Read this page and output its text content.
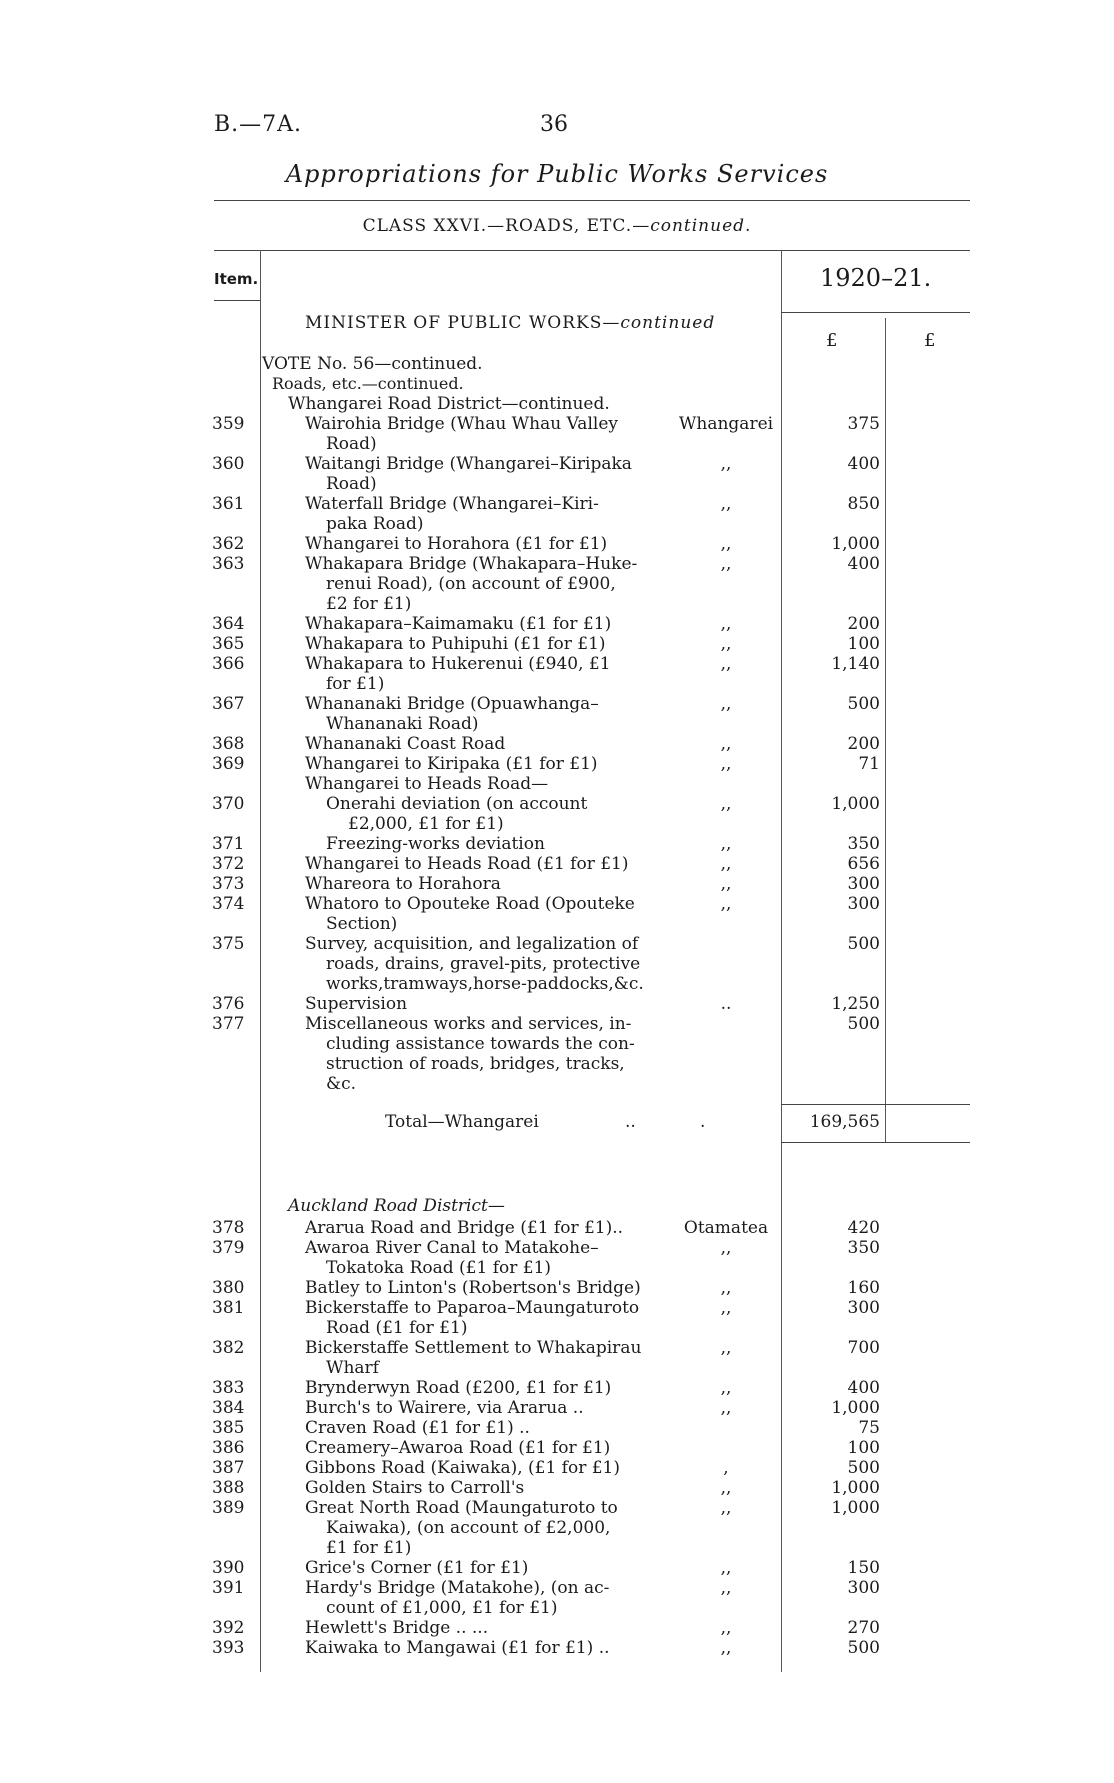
B.—7A.	36
Appropriations for Public Works Services
CLASS XXVI.—ROADS, ETC.—continued.
Item.	1920–21.
£	£
MINISTER OF PUBLIC WORKS—continued
VOTE No. 56—continued.
Roads, etc.—continued.
Whangarei Road District—continued.
359	Wairohia Bridge (Whau Whau Valley
Road)
Whangarei	375
360	Waitangi Bridge (Whangarei–Kiripaka
Road)
,,	400
361	Waterfall Bridge (Whangarei–Kiri-
paka Road)
,,	850
362	Whangarei to Horahora (£1 for £1)	,,	1,000
363	Whakapara Bridge (Whakapara–Huke-
renui Road), (on account of £900,
£2 for £1)
,,	400
364	Whakapara–Kaimamaku (£1 for £1)	,,	200
365	Whakapara to Puhipuhi (£1 for £1)	,,	100
366	Whakapara to Hukerenui (£940, £1
for £1)
,,	1,140
367	Whananaki Bridge (Opuawhanga–
Whananaki Road)
,,	500
368	Whananaki Coast Road	,,	200
369	Whangarei to Kiripaka (£1 for £1)	,,	71
Whangarei to Heads Road—
370	Onerahi deviation (on account
£2,000, £1 for £1)
,,	1,000
371	Freezing-works deviation	,,	350
372	Whangarei to Heads Road (£1 for £1)	,,	656
373	Whareora to Horahora	,,	300
374	Whatoro to Opouteke Road (Opouteke
Section)
,,	300
375	Survey, acquisition, and legalization of
roads, drains, gravel-pits, protective
works,tramways,horse-paddocks,&c.
500
376	Supervision	..	1,250
377	Miscellaneous works and services, in-
cluding assistance towards the con-
struction of roads, bridges, tracks,
&c.
500
Total—Whangarei	..	.	169,565
Auckland Road District—
378	Ararua Road and Bridge (£1 for £1)..	Otamatea	420
379	Awaroa River Canal to Matakohe–
Tokatoka Road (£1 for £1)
,,	350
380	Batley to Linton's (Robertson's Bridge)	,,	160
381	Bickerstaffe to Paparoa–Maungaturoto
Road (£1 for £1)
,,	300
382	Bickerstaffe Settlement to Whakapirau
Wharf
,,	700
383	Brynderwyn Road (£200, £1 for £1)	,,	400
384	Burch's to Wairere, via Ararua ..	,,	1,000
385	Craven Road (£1 for £1) ..	75
386	Creamery–Awaroa Road (£1 for £1)	100
387	Gibbons Road (Kaiwaka), (£1 for £1)	,	500
388	Golden Stairs to Carroll's	,,	1,000
389	Great North Road (Maungaturoto to
Kaiwaka), (on account of £2,000,
£1 for £1)
,,	1,000
390	Grice's Corner (£1 for £1)	,,	150
391	Hardy's Bridge (Matakohe), (on ac-
count of £1,000, £1 for £1)
,,	300
392	Hewlett's Bridge .. ...	,,	270
393	Kaiwaka to Mangawai (£1 for £1) ..	,,	500
